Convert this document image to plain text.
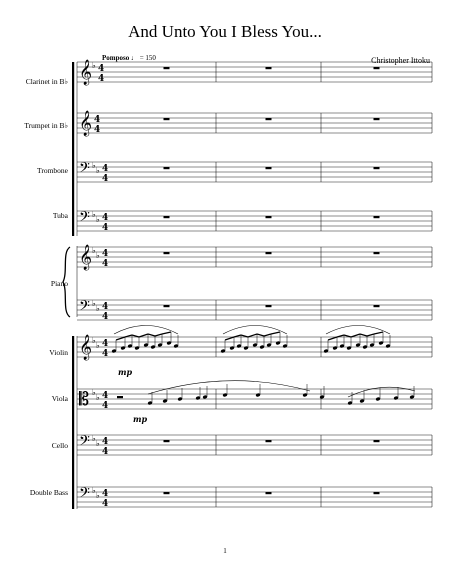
And Unto You I Bless You...
Christopher Ittoku
Pomposo ♩ = 150
Clarinet in B♭
Trumpet in B♭
Trombone
Tuba
Piano
Violin
Viola
Cello
Double Bass
𝄞 ♭ 4
4
𝄞 4
4
𝄢 ♭
♭ 4
4
𝄢 ♭
♭ 4
4
𝄞 ♭
♭ 4
4
𝄢 ♭
♭ 4
4
𝄞 ♭
♭ 4
4
𝄡 ♭
♭ 4
4
𝄢 ♭
♭ 4
4
𝄢 ♭
♭ 4
4
mp
mp
1
